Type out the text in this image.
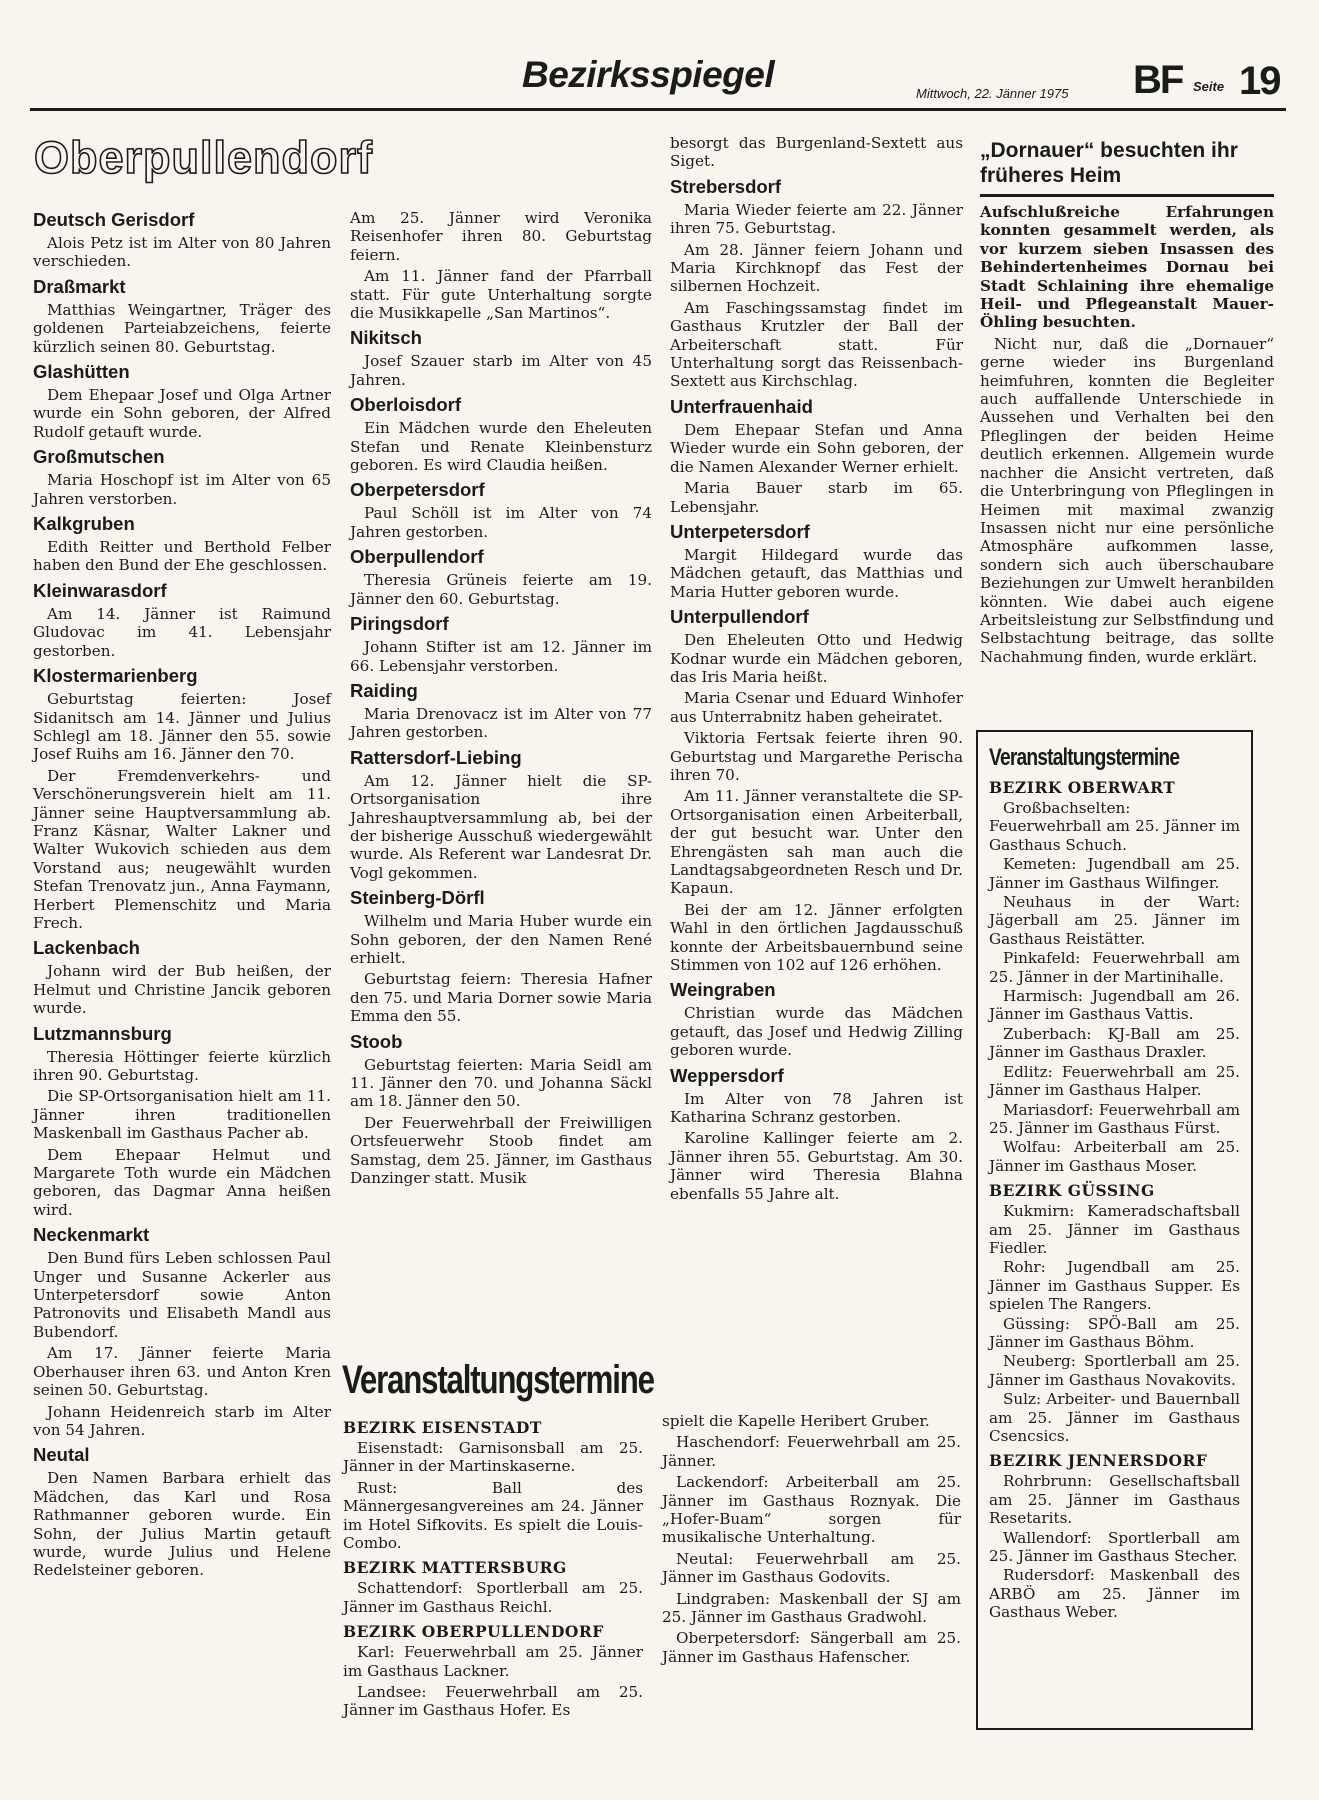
Bezirksspiegel	Mittwoch, 22. Jänner 1975 BF Seite 19
Oberpullendorf
Deutsch Gerisdorf

Alois Petz ist im Alter von 80 Jahren verschieden.

Draßmarkt

Matthias Weingartner, Träger des goldenen Parteiabzeichens, feierte kürzlich seinen 80. Geburtstag.

Glashütten

Dem Ehepaar Josef und Olga Artner wurde ein Sohn geboren, der Alfred Rudolf getauft wurde.

Großmutschen

Maria Hoschopf ist im Alter von 65 Jahren verstorben.

Kalkgruben

Edith Reitter und Berthold Felber haben den Bund der Ehe geschlossen.

Kleinwarasdorf

Am 14. Jänner ist Raimund Gludovac im 41. Lebensjahr gestorben.

Klostermarienberg

Geburtstag feierten: Josef Sidanitsch am 14. Jänner und Julius Schlegl am 18. Jänner den 55. sowie Josef Ruihs am 16. Jänner den 70.

Der Fremdenverkehrs- und Verschönerungsverein hielt am 11. Jänner seine Hauptversammlung ab. Franz Käsnar, Walter Lakner und Walter Wukovich schieden aus dem Vorstand aus; neugewählt wurden Stefan Trenovatz jun., Anna Faymann, Herbert Plemenschitz und Maria Frech.

Lackenbach

Johann wird der Bub heißen, der Helmut und Christine Jancik geboren wurde.

Lutzmannsburg

Theresia Höttinger feierte kürzlich ihren 90. Geburtstag.

Die SP-Ortsorganisation hielt am 11. Jänner ihren traditionellen Maskenball im Gasthaus Pacher ab.

Dem Ehepaar Helmut und Margarete Toth wurde ein Mädchen geboren, das Dagmar Anna heißen wird.

Neckenmarkt

Den Bund fürs Leben schlossen Paul Unger und Susanne Ackerler aus Unterpetersdorf sowie Anton Patronovits und Elisabeth Mandl aus Bubendorf.

Am 17. Jänner feierte Maria Oberhauser ihren 63. und Anton Kren seinen 50. Geburtstag.

Johann Heidenreich starb im Alter von 54 Jahren.

Neutal

Den Namen Barbara erhielt das Mädchen, das Karl und Rosa Rathmanner geboren wurde. Ein Sohn, der Julius Martin getauft wurde, wurde Julius und Helene Redelsteiner geboren.

Am 25. Jänner wird Veronika Reisenhofer ihren 80. Geburtstag feiern.

Am 11. Jänner fand der Pfarrball statt. Für gute Unterhaltung sorgte die Musikkapelle „San Martinos“.

Nikitsch

Josef Szauer starb im Alter von 45 Jahren.

Oberloisdorf

Ein Mädchen wurde den Eheleuten Stefan und Renate Kleinbensturz geboren. Es wird Claudia heißen.

Oberpetersdorf

Paul Schöll ist im Alter von 74 Jahren gestorben.

Oberpullendorf

Theresia Grüneis feierte am 19. Jänner den 60. Geburtstag.

Piringsdorf

Johann Stifter ist am 12. Jänner im 66. Lebensjahr verstorben.

Raiding

Maria Drenovacz ist im Alter von 77 Jahren gestorben.

Rattersdorf-Liebing

Am 12. Jänner hielt die SP-Ortsorganisation ihre Jahreshauptversammlung ab, bei der der bisherige Ausschuß wiedergewählt wurde. Als Referent war Landesrat Dr. Vogl gekommen.

Steinberg-Dörfl

Wilhelm und Maria Huber wurde ein Sohn geboren, der den Namen René erhielt.

Geburtstag feiern: Theresia Hafner den 75. und Maria Dorner sowie Maria Emma den 55.

Stoob

Geburtstag feierten: Maria Seidl am 11. Jänner den 70. und Johanna Säckl am 18. Jänner den 50.

Der Feuerwehrball der Freiwilligen Ortsfeuerwehr Stoob findet am Samstag, dem 25. Jänner, im Gasthaus Danzinger statt. Musik

besorgt das Burgenland-Sextett aus Siget.

Strebersdorf

Maria Wieder feierte am 22. Jänner ihren 75. Geburtstag.

Am 28. Jänner feiern Johann und Maria Kirchknopf das Fest der silbernen Hochzeit.

Am Faschingssamstag findet im Gasthaus Krutzler der Ball der Arbeiterschaft statt. Für Unterhaltung sorgt das Reissenbach-Sextett aus Kirchschlag.

Unterfrauenhaid

Dem Ehepaar Stefan und Anna Wieder wurde ein Sohn geboren, der die Namen Alexander Werner erhielt.

Maria Bauer starb im 65. Lebensjahr.

Unterpetersdorf

Margit Hildegard wurde das Mädchen getauft, das Matthias und Maria Hutter geboren wurde.

Unterpullendorf

Den Eheleuten Otto und Hedwig Kodnar wurde ein Mädchen geboren, das Iris Maria heißt.

Maria Csenar und Eduard Winhofer aus Unterrabnitz haben geheiratet.

Viktoria Fertsak feierte ihren 90. Geburtstag und Margarethe Perischa ihren 70.

Am 11. Jänner veranstaltete die SP-Ortsorganisation einen Arbeiterball, der gut besucht war. Unter den Ehrengästen sah man auch die Landtagsabgeordneten Resch und Dr. Kapaun.

Bei der am 12. Jänner erfolgten Wahl in den örtlichen Jagdausschuß konnte der Arbeitsbauernbund seine Stimmen von 102 auf 126 erhöhen.

Weingraben

Christian wurde das Mädchen getauft, das Josef und Hedwig Zilling geboren wurde.

Weppersdorf

Im Alter von 78 Jahren ist Katharina Schranz gestorben.

Karoline Kallinger feierte am 2. Jänner ihren 55. Geburtstag. Am 30. Jänner wird Theresia Blahna ebenfalls 55 Jahre alt.

„Dornauer“ besuchten ihr früheres Heim

Aufschlußreiche Erfahrungen konnten gesammelt werden, als vor kurzem sieben Insassen des Behindertenheimes Dornau bei Stadt Schlaining ihre ehemalige Heil- und Pflegeanstalt Mauer-Öhling besuchten.

Nicht nur, daß die „Dornauer“ gerne wieder ins Burgenland heimfuhren, konnten die Begleiter auch auffallende Unterschiede in Aussehen und Verhalten bei den Pfleglingen der beiden Heime deutlich erkennen. Allgemein wurde nachher die Ansicht vertreten, daß die Unterbringung von Pfleglingen in Heimen mit maximal zwanzig Insassen nicht nur eine persönliche Atmosphäre aufkommen lasse, sondern sich auch überschaubare Beziehungen zur Umwelt heranbilden könnten. Wie dabei auch eigene Arbeitsleistung zur Selbstfindung und Selbstachtung beitrage, das sollte Nachahmung finden, wurde erklärt.

Veranstaltungstermine
BEZIRK EISENSTADT

Eisenstadt: Garnisonsball am 25. Jänner in der Martinskaserne.

Rust: Ball des Männergesangvereines am 24. Jänner im Hotel Sifkovits. Es spielt die Louis-Combo.

BEZIRK MATTERSBURG

Schattendorf: Sportlerball am 25. Jänner im Gasthaus Reichl.

BEZIRK OBERPULLENDORF

Karl: Feuerwehrball am 25. Jänner im Gasthaus Lackner.

Landsee: Feuerwehrball am 25. Jänner im Gasthaus Hofer. Es

spielt die Kapelle Heribert Gruber.

Haschendorf: Feuerwehrball am 25. Jänner.

Lackendorf: Arbeiterball am 25. Jänner im Gasthaus Roznyak. Die „Hofer-Buam“ sorgen für musikalische Unterhaltung.

Neutal: Feuerwehrball am 25. Jänner im Gasthaus Godovits.

Lindgraben: Maskenball der SJ am 25. Jänner im Gasthaus Gradwohl.

Oberpetersdorf: Sängerball am 25. Jänner im Gasthaus Hafenscher.

Veranstaltungstermine
BEZIRK OBERWART

Großbachselten: Feuerwehrball am 25. Jänner im Gasthaus Schuch.

Kemeten: Jugendball am 25. Jänner im Gasthaus Wilfinger.

Neuhaus in der Wart: Jägerball am 25. Jänner im Gasthaus Reistätter.

Pinkafeld: Feuerwehrball am 25. Jänner in der Martinihalle.

Harmisch: Jugendball am 26. Jänner im Gasthaus Vattis.

Zuberbach: KJ-Ball am 25. Jänner im Gasthaus Draxler.

Edlitz: Feuerwehrball am 25. Jänner im Gasthaus Halper.

Mariasdorf: Feuerwehrball am 25. Jänner im Gasthaus Fürst.

Wolfau: Arbeiterball am 25. Jänner im Gasthaus Moser.

BEZIRK GÜSSING

Kukmirn: Kameradschaftsball am 25. Jänner im Gasthaus Fiedler.

Rohr: Jugendball am 25. Jänner im Gasthaus Supper. Es spielen The Rangers.

Güssing: SPÖ-Ball am 25. Jänner im Gasthaus Böhm.

Neuberg: Sportlerball am 25. Jänner im Gasthaus Novakovits.

Sulz: Arbeiter- und Bauernball am 25. Jänner im Gasthaus Csencsics.

BEZIRK JENNERSDORF

Rohrbrunn: Gesellschaftsball am 25. Jänner im Gasthaus Resetarits.

Wallendorf: Sportlerball am 25. Jänner im Gasthaus Stecher.

Rudersdorf: Maskenball des ARBÖ am 25. Jänner im Gasthaus Weber.
